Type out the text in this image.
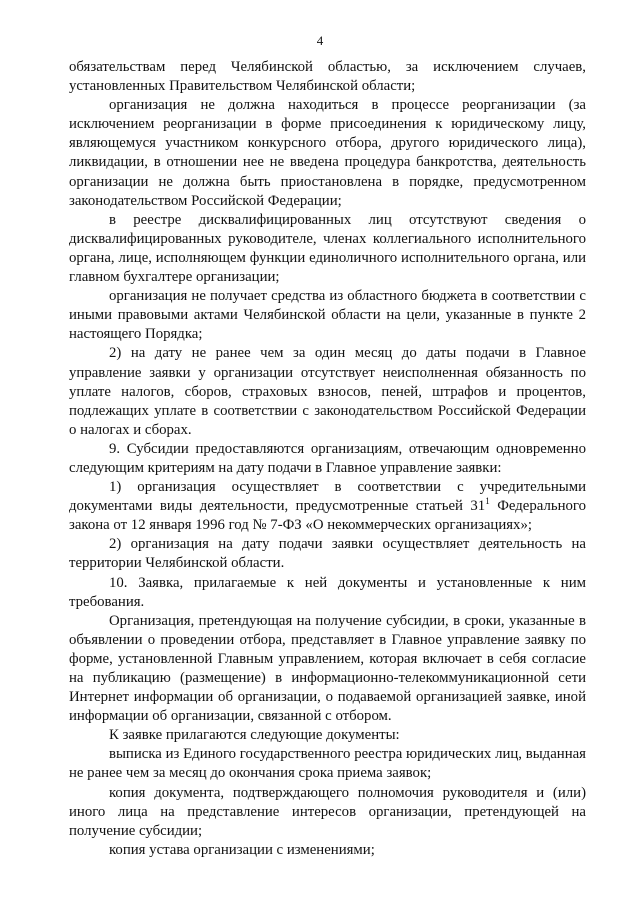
4

обязательствам перед Челябинской областью, за исключением случаев, установленных Правительством Челябинской области;

организация не должна находиться в процессе реорганизации (за исключением реорганизации в форме присоединения к юридическому лицу, являющемуся участником конкурсного отбора, другого юридического лица), ликвидации, в отношении нее не введена процедура банкротства, деятельность организации не должна быть приостановлена в порядке, предусмотренном законодательством Российской Федерации;

в реестре дисквалифицированных лиц отсутствуют сведения о дисквалифицированных руководителе, членах коллегиального исполнительного органа, лице, исполняющем функции единоличного исполнительного органа, или главном бухгалтере организации;

организация не получает средства из областного бюджета в соответствии с иными правовыми актами Челябинской области на цели, указанные в пункте 2 настоящего Порядка;

2) на дату не ранее чем за один месяц до даты подачи в Главное управление заявки у организации отсутствует неисполненная обязанность по уплате налогов, сборов, страховых взносов, пеней, штрафов и процентов, подлежащих уплате в соответствии с законодательством Российской Федерации о налогах и сборах.

9. Субсидии предоставляются организациям, отвечающим одновременно следующим критериям на дату подачи в Главное управление заявки:

1) организация осуществляет в соответствии с учредительными документами виды деятельности, предусмотренные статьей $31^1$ Федерального закона от 12 января 1996 год № 7-ФЗ «О некоммерческих организациях»;

2) организация на дату подачи заявки осуществляет деятельность на территории Челябинской области.

10. Заявка, прилагаемые к ней документы и установленные к ним требования.

Организация, претендующая на получение субсидии, в сроки, указанные в объявлении о проведении отбора, представляет в Главное управление заявку по форме, установленной Главным управлением, которая включает в себя согласие на публикацию (размещение) в информационно-телекоммуникационной сети Интернет информации об организации, о подаваемой организацией заявке, иной информации об организации, связанной с отбором.

К заявке прилагаются следующие документы:

выписка из Единого государственного реестра юридических лиц, выданная не ранее чем за месяц до окончания срока приема заявок;

копия документа, подтверждающего полномочия руководителя и (или) иного лица на представление интересов организации, претендующей на получение субсидии;

копия устава организации с изменениями;
